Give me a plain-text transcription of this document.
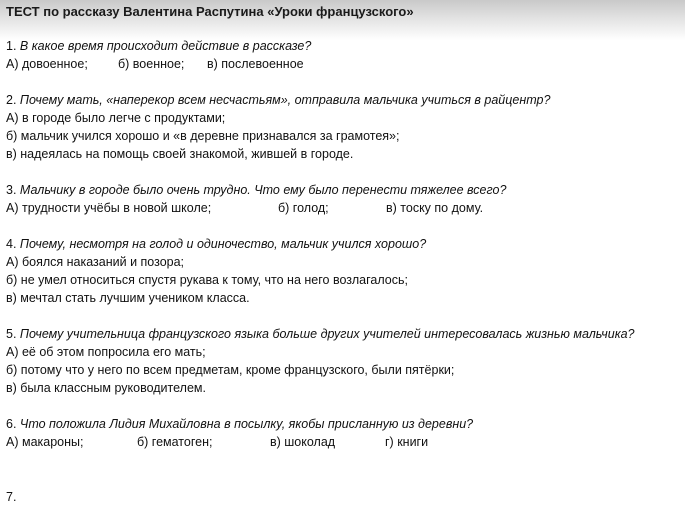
ТЕСТ по рассказу Валентина Распутина «Уроки французского»
1. В какое время происходит действие в рассказе?
А) довоенное; б) военное; в) послевоенное
2. Почему мать, «наперекор всем несчастьям», отправила мальчика учиться в райцентр?
А) в городе было легче с продуктами;
б) мальчик учился хорошо и «в деревне признавался за грамотея»;
в) надеялась на помощь своей знакомой, жившей в городе.
3. Мальчику в городе было очень трудно. Что ему было перенести тяжелее всего?
А) трудности учёбы в новой школе;	б) голод;	в) тоску по дому.
4. Почему, несмотря на голод и одиночество, мальчик учился хорошо?
А) боялся наказаний и позора;
б) не умел относиться спустя рукава к тому, что на него возлагалось;
в) мечтал стать лучшим учеником класса.
5. Почему учительница французского языка больше других учителей интересовалась жизнью мальчика?
А) её об этом попросила его мать;
б) потому что у него по всем предметам, кроме французского, были пятёрки;
в) была классным руководителем.
6. Что положила Лидия Михайловна в посылку, якобы присланную из деревни?
А) макароны;	б) гематоген;	в) шоколад	г) книги
7.
